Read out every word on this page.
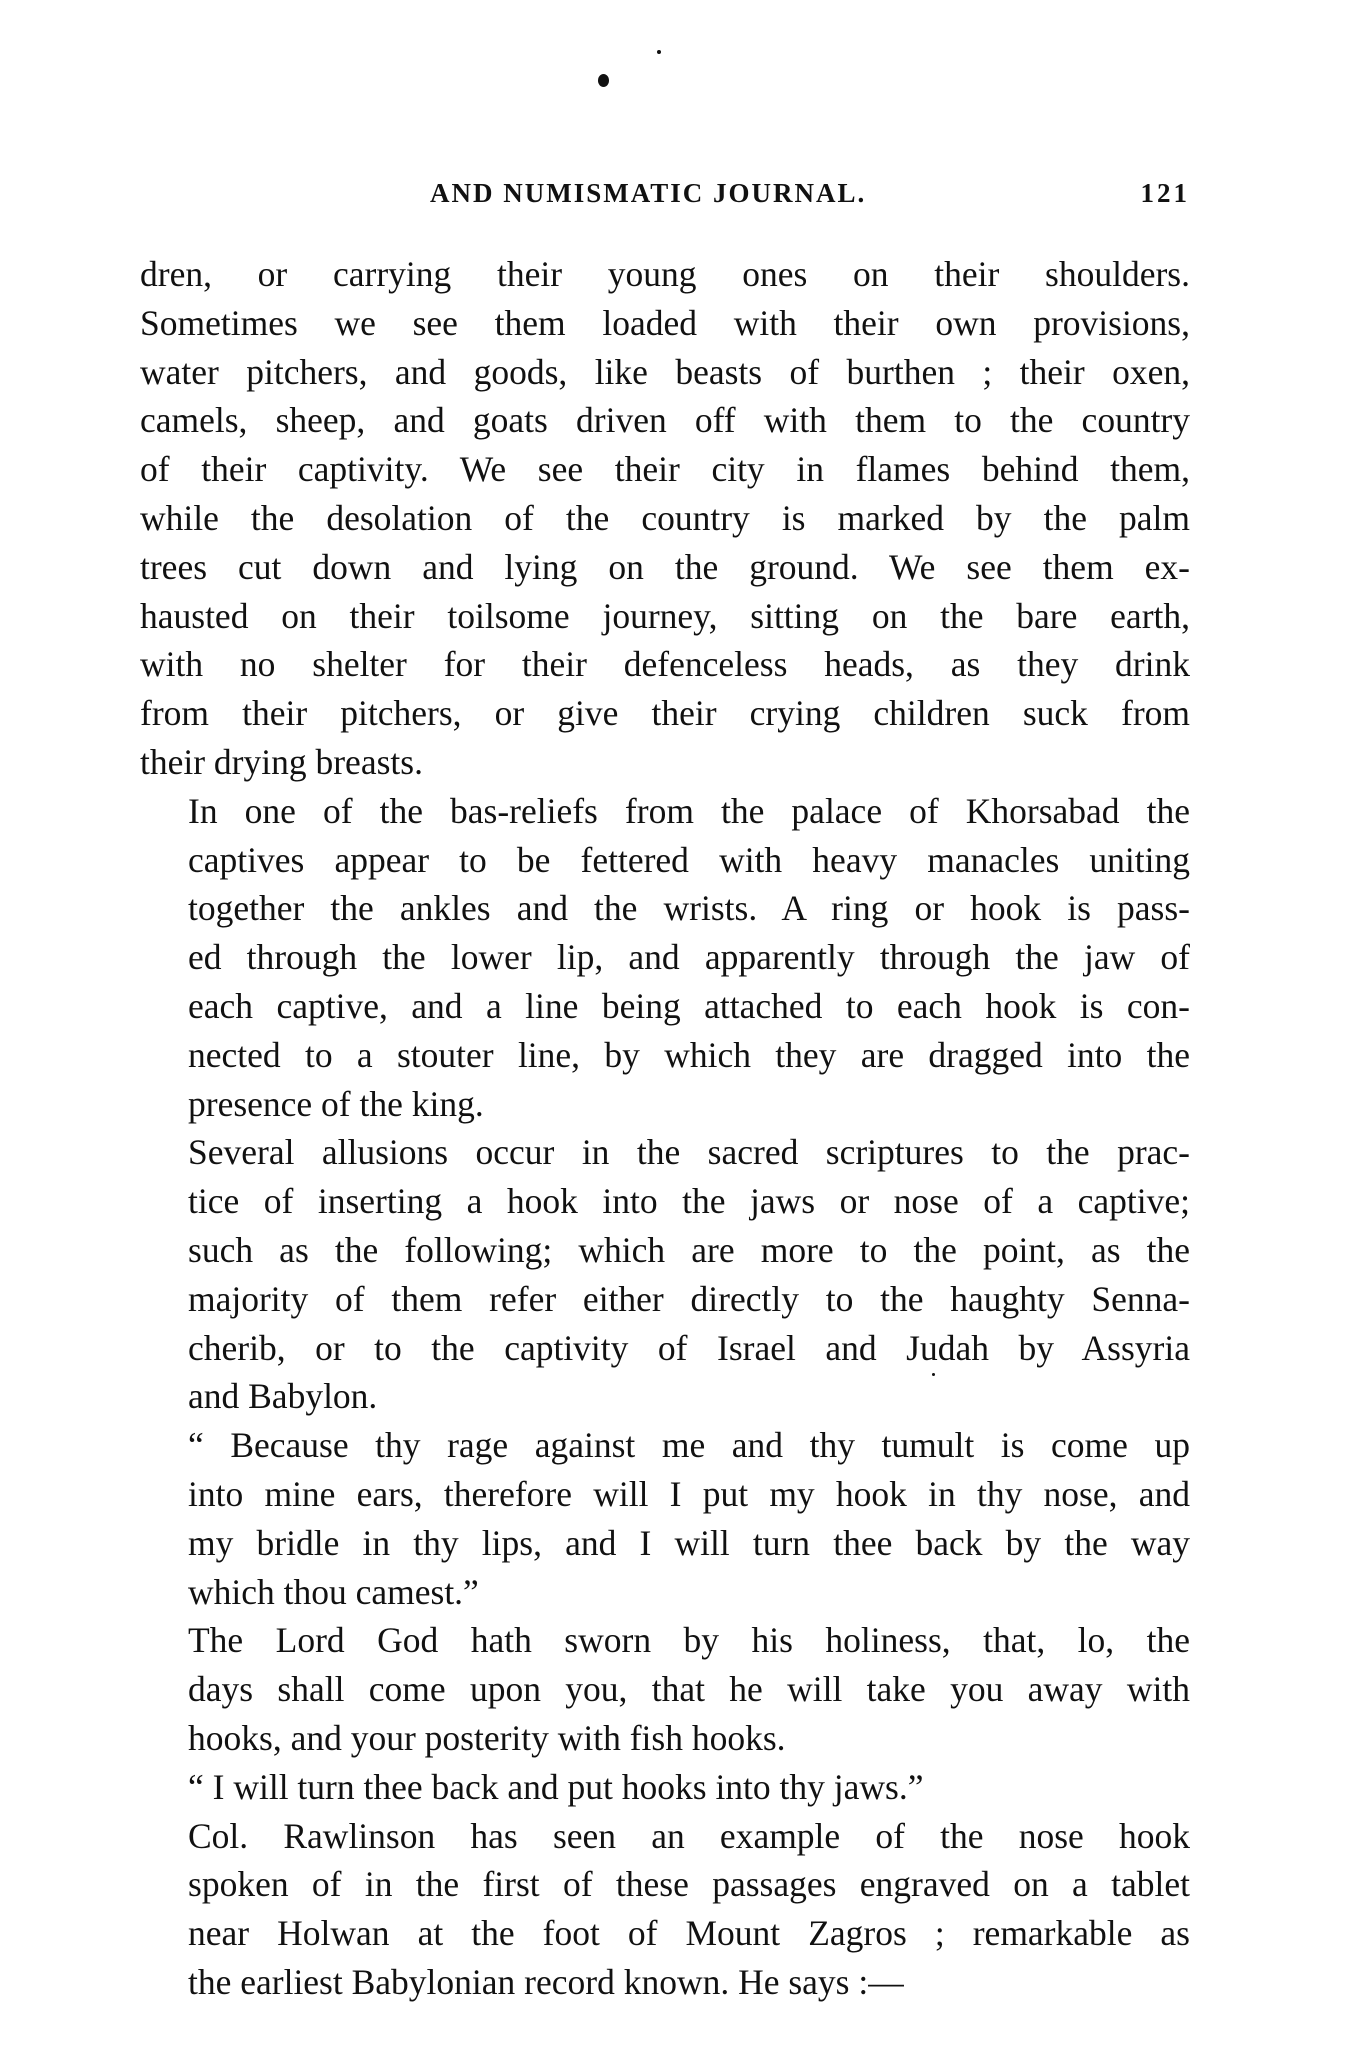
AND NUMISMATIC JOURNAL.	121
dren, or carrying their young ones on their shoulders.
Sometimes we see them loaded with their own provisions,
water pitchers, and goods, like beasts of burthen ; their oxen,
camels, sheep, and goats driven off with them to the country
of their captivity. We see their city in flames behind them,
while the desolation of the country is marked by the palm
trees cut down and lying on the ground. We see them ex-
hausted on their toilsome journey, sitting on the bare earth,
with no shelter for their defenceless heads, as they drink
from their pitchers, or give their crying children suck from
their drying breasts.
In one of the bas-reliefs from the palace of Khorsabad the
captives appear to be fettered with heavy manacles uniting
together the ankles and the wrists. A ring or hook is pass-
ed through the lower lip, and apparently through the jaw of
each captive, and a line being attached to each hook is con-
nected to a stouter line, by which they are dragged into the
presence of the king.
Several allusions occur in the sacred scriptures to the prac-
tice of inserting a hook into the jaws or nose of a captive;
such as the following; which are more to the point, as the
majority of them refer either directly to the haughty Senna-
cherib, or to the captivity of Israel and Judah by Assyria
and Babylon.
“ Because thy rage against me and thy tumult is come up
into mine ears, therefore will I put my hook in thy nose, and
my bridle in thy lips, and I will turn thee back by the way
which thou camest.”
The Lord God hath sworn by his holiness, that, lo, the
days shall come upon you, that he will take you away with
hooks, and your posterity with fish hooks.
“ I will turn thee back and put hooks into thy jaws.”
Col. Rawlinson has seen an example of the nose hook
spoken of in the first of these passages engraved on a tablet
near Holwan at the foot of Mount Zagros ; remarkable as
the earliest Babylonian record known. He says :—
